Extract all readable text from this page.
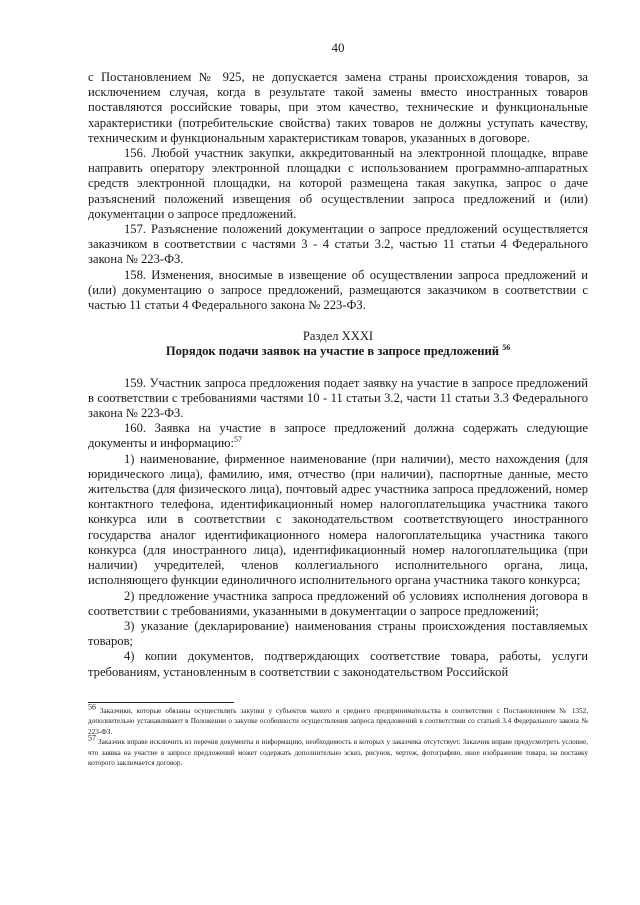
40

с Постановлением № 925, не допускается замена страны происхождения товаров, за исключением случая, когда в результате такой замены вместо иностранных товаров поставляются российские товары, при этом качество, технические и функциональные характеристики (потребительские свойства) таких товаров не должны уступать качеству, техническим и функциональным характеристикам товаров, указанных в договоре.

156. Любой участник закупки, аккредитованный на электронной площадке, вправе направить оператору электронной площадки с использованием программно-аппаратных средств электронной площадки, на которой размещена такая закупка, запрос о даче разъяснений положений извещения об осуществлении запроса предложений и (или) документации о запросе предложений.

157. Разъяснение положений документации о запросе предложений осуществляется заказчиком в соответствии с частями 3 - 4 статьи 3.2, частью 11 статьи 4 Федерального закона № 223-ФЗ.

158. Изменения, вносимые в извещение об осуществлении запроса предложений и (или) документацию о запросе предложений, размещаются заказчиком в соответствии с частью 11 статьи 4 Федерального закона № 223-ФЗ.

Раздел XXXI
Порядок подачи заявок на участие в запросе предложений $^{56}$

159. Участник запроса предложения подает заявку на участие в запросе предложений в соответствии с требованиями частями 10 - 11 статьи 3.2, части 11 статьи 3.3 Федерального закона № 223-ФЗ.

160. Заявка на участие в запросе предложений должна содержать следующие документы и информацию:$^{57}$

1) наименование, фирменное наименование (при наличии), место нахождения (для юридического лица), фамилию, имя, отчество (при наличии), паспортные данные, место жительства (для физического лица), почтовый адрес участника запроса предложений, номер контактного телефона, идентификационный номер налогоплательщика участника такого конкурса или в соответствии с законодательством соответствующего иностранного государства аналог идентификационного номера налогоплательщика участника такого конкурса (для иностранного лица), идентификационный номер налогоплательщика (при наличии) учредителей, членов коллегиального исполнительного органа, лица, исполняющего функции единоличного исполнительного органа участника такого конкурса;

2) предложение участника запроса предложений об условиях исполнения договора в соответствии с требованиями, указанными в документации о запросе предложений;

3) указание (декларирование) наименования страны происхождения поставляемых товаров;

4) копии документов, подтверждающих соответствие товара, работы, услуги требованиям, установленным в соответствии с законодательством Российской

$^{56}$ Заказчики, которые обязаны осуществлять закупки у субъектов малого и среднего предпринимательства в соответствии с Постановлением № 1352, дополнительно устанавливают в Положении о закупке особенности осуществления запроса предложений в соответствии со статьей 3.4 Федерального закона № 223-ФЗ.

$^{57}$ Заказчик вправе исключить из перечня документы и информацию, необходимость в которых у заказчика отсутствует. Заказчик вправе предусмотреть условие, что заявка на участие в запросе предложений может содержать дополнительно эскиз, рисунок, чертеж, фотографию, иное изображение товара, на поставку которого заключается договор.
